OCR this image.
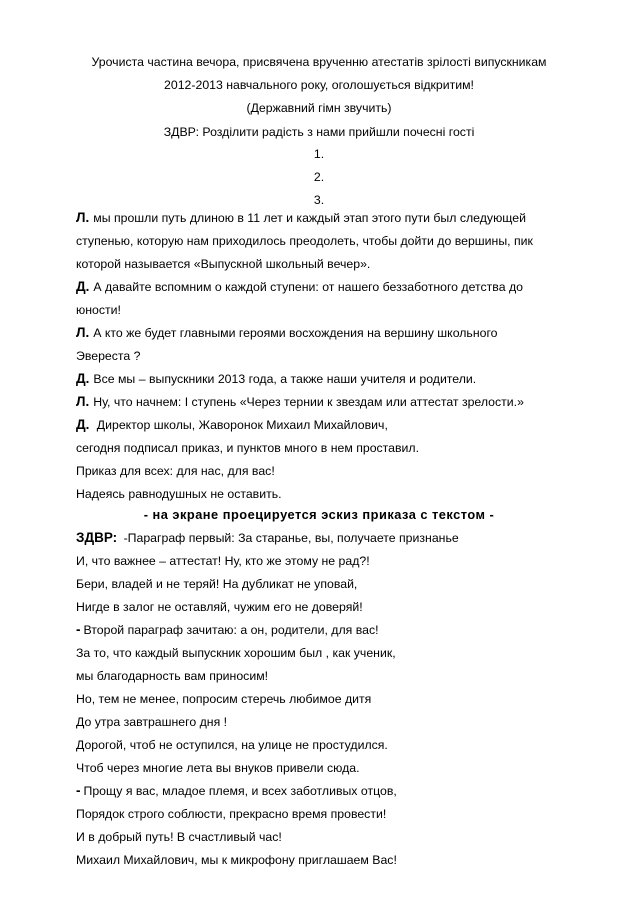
Урочиста частина вечора, присвячена врученню атестатів зрілості випускникам
2012-2013 навчального року, оголошується відкритим!
(Державний гімн звучить)
ЗДВР: Розділити радість з нами прийшли почесні гості
1.
2.
3.
Л. мы прошли путь длиною в 11 лет и каждый этап этого пути был следующей
ступенью, которую нам приходилось преодолеть, чтобы дойти до вершины, пик
которой называется «Выпускной школьный вечер».
Д. А давайте вспомним о каждой ступени: от нашего беззаботного детства до
юности!
Л. А кто же будет главными героями восхождения на вершину школьного
Эвереста ?
Д. Все мы – выпускники 2013 года, а также наши учителя и родители.
Л. Ну, что начнем: I ступень «Через тернии к звездам или аттестат зрелости.»
Д. Директор школы, Жаворонок Михаил Михайлович,
сегодня подписал приказ, и пунктов много в нем проставил.
Приказ для всех: для нас, для вас!
Надеясь равнодушных не оставить.
- на экране проецируется эскиз приказа с текстом -
ЗДВР: -Параграф первый: За старанье, вы, получаете признанье
И, что важнее – аттестат! Ну, кто же этому не рад?!
Бери, владей и не теряй! На дубликат не уповай,
Нигде в залог не оставляй, чужим его не доверяй!
- Второй параграф зачитаю: а он, родители, для вас!
За то, что каждый выпускник хорошим был , как ученик,
мы благодарность вам приносим!
Но, тем не менее, попросим стеречь любимое дитя
До утра завтрашнего дня !
Дорогой, чтоб не оступился, на улице не простудился.
Чтоб через многие лета вы внуков привели сюда.
- Прощу я вас, младое племя, и всех заботливых отцов,
Порядок строго соблюсти, прекрасно время провести!
И в добрый путь! В счастливый час!
Михаил Михайлович, мы к микрофону приглашаем Вас!
